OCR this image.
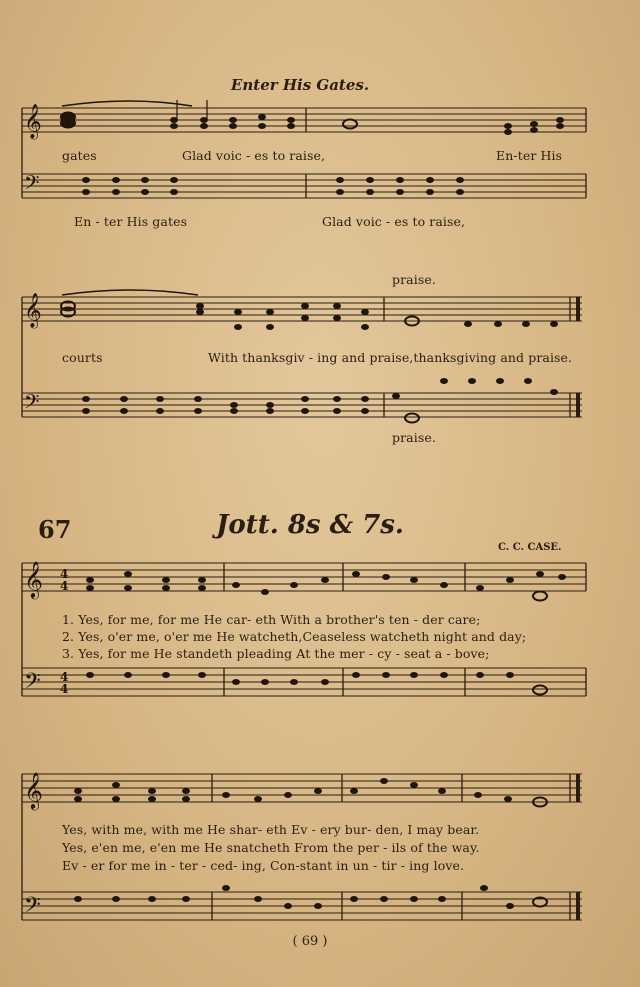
Enter His Gates.
𝄞
𝄢
𝄞
𝄢
𝄞
𝄢
4
4
4
4
𝄞
𝄢
gates	Glad voic - es to raise,	En-ter His
En - ter His gates	Glad voic - es to raise,
praise.
courts	With thanksgiv - ing and praise,thanksgiving and praise.
praise.
67	Jott. 8s & 7s.
C. C. CASE.
1. Yes, for me, for me He car- eth With a brother's ten - der care;
2. Yes, o'er me, o'er me He watcheth,Ceaseless watcheth night and day;
3. Yes, for me He standeth pleading At the mer - cy - seat a - bove;
Yes, with me, with me He shar- eth Ev - ery bur- den, I may bear.
Yes, e'en me, e'en me He snatcheth From the per - ils of the way.
Ev - er for me in - ter - ced- ing, Con-stant in un - tir - ing love.
( 69 )
